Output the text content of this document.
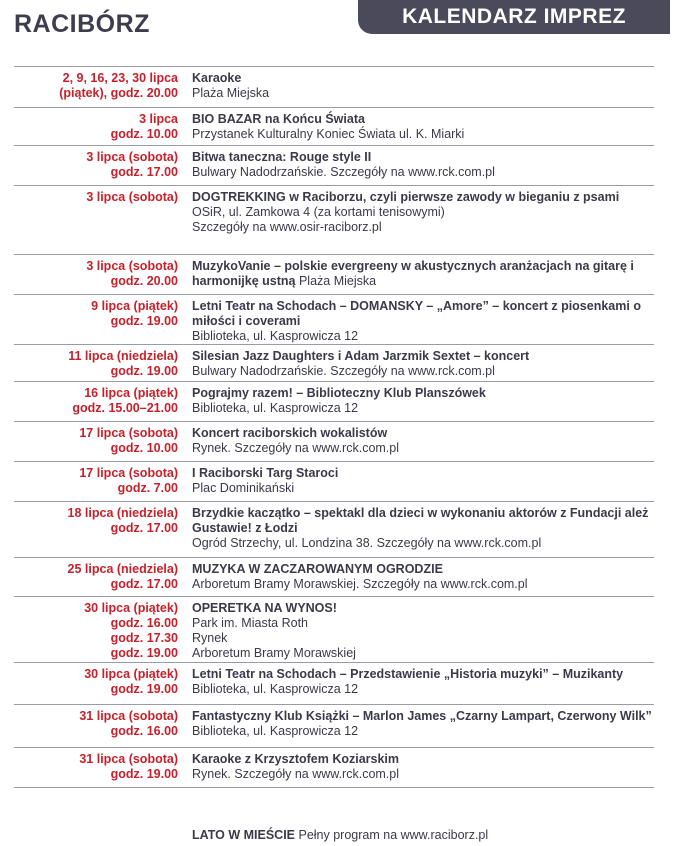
RACIBÓRZ	KALENDARZ IMPREZ
2, 9, 16, 23, 30 lipca
(piątek), godz. 20.00
Karaoke
Plaża Miejska
3 lipca
godz. 10.00
BIO BAZAR na Końcu Świata
Przystanek Kulturalny Koniec Świata ul. K. Miarki
3 lipca (sobota)
godz. 17.00
Bitwa taneczna: Rouge style II
Bulwary Nadodrzańskie. Szczegóły na www.rck.com.pl
3 lipca (sobota) DOGTREKKING w Raciborzu, czyli pierwsze zawody w bieganiu z psami
OSiR, ul. Zamkowa 4 (za kortami tenisowymi)
Szczegóły na www.osir-raciborz.pl
3 lipca (sobota)
godz. 20.00
MuzykoVanie – polskie evergreeny w akustycznych aranżacjach na gitarę i harmonijkę ustną Plaża Miejska
9 lipca (piątek)
godz. 19.00
Letni Teatr na Schodach – DOMANSKY – „Amore” – koncert z piosenkami o miłości i coverami
Biblioteka, ul. Kasprowicza 12
11 lipca (niedziela)
godz. 19.00
Silesian Jazz Daughters i Adam Jarzmik Sextet – koncert
Bulwary Nadodrzańskie. Szczegóły na www.rck.com.pl
16 lipca (piątek)
godz. 15.00–21.00
Pograjmy razem! – Biblioteczny Klub Planszówek
Biblioteka, ul. Kasprowicza 12
17 lipca (sobota)
godz. 10.00
Koncert raciborskich wokalistów
Rynek. Szczegóły na www.rck.com.pl
17 lipca (sobota)
godz. 7.00
I Raciborski Targ Staroci
Plac Dominikański
18 lipca (niedziela)
godz. 17.00
Brzydkie kaczątko – spektakl dla dzieci w wykonaniu aktorów z Fundacji ależ Gustawie! z Łodzi
Ogród Strzechy, ul. Londzina 38. Szczegóły na www.rck.com.pl
25 lipca (niedziela)
godz. 17.00
MUZYKA W ZACZAROWANYM OGRODZIE
Arboretum Bramy Morawskiej. Szczegóły na www.rck.com.pl
30 lipca (piątek)
godz. 16.00
godz. 17.30
godz. 19.00
OPERETKA NA WYNOS!
Park im. Miasta Roth
Rynek
Arboretum Bramy Morawskiej
30 lipca (piątek)
godz. 19.00
Letni Teatr na Schodach – Przedstawienie „Historia muzyki” – Muzikanty Biblioteka, ul. Kasprowicza 12
31 lipca (sobota)
godz. 16.00
Fantastyczny Klub Książki – Marlon James „Czarny Lampart, Czerwony Wilk” Biblioteka, ul. Kasprowicza 12
31 lipca (sobota)
godz. 19.00
Karaoke z Krzysztofem Koziarskim
Rynek. Szczegóły na www.rck.com.pl
LATO W MIEŚCIE Pełny program na www.raciborz.pl
